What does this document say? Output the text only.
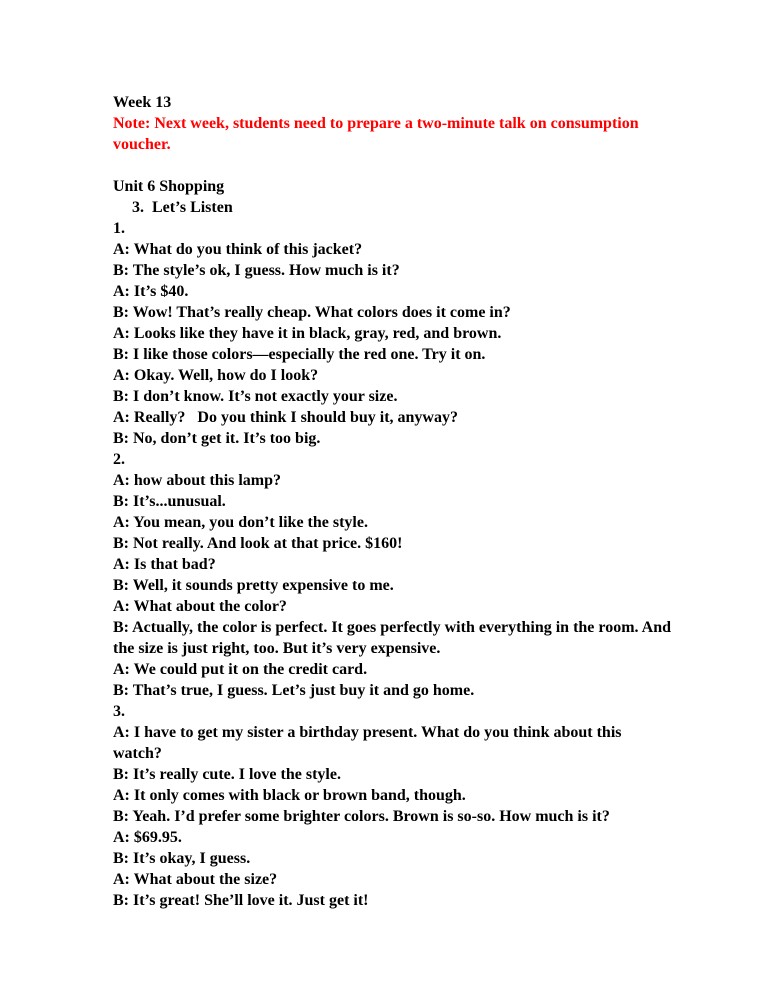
Week 13
Note: Next week, students need to prepare a two-minute talk on consumption voucher.
Unit 6 Shopping
3.  Let’s Listen
1.
A: What do you think of this jacket?
B: The style’s ok, I guess. How much is it?
A: It’s $40.
B: Wow! That’s really cheap. What colors does it come in?
A: Looks like they have it in black, gray, red, and brown.
B: I like those colors—especially the red one. Try it on.
A: Okay. Well, how do I look?
B: I don’t know. It’s not exactly your size.
A: Really?   Do you think I should buy it, anyway?
B: No, don’t get it. It’s too big.
2.
A: how about this lamp?
B: It’s...unusual.
A: You mean, you don’t like the style.
B: Not really. And look at that price. $160!
A: Is that bad?
B: Well, it sounds pretty expensive to me.
A: What about the color?
B: Actually, the color is perfect. It goes perfectly with everything in the room. And the size is just right, too. But it’s very expensive.
A: We could put it on the credit card.
B: That’s true, I guess. Let’s just buy it and go home.
3.
A: I have to get my sister a birthday present. What do you think about this watch?
B: It’s really cute. I love the style.
A: It only comes with black or brown band, though.
B: Yeah. I’d prefer some brighter colors. Brown is so-so. How much is it?
A: $69.95.
B: It’s okay, I guess.
A: What about the size?
B: It’s great! She’ll love it. Just get it!
